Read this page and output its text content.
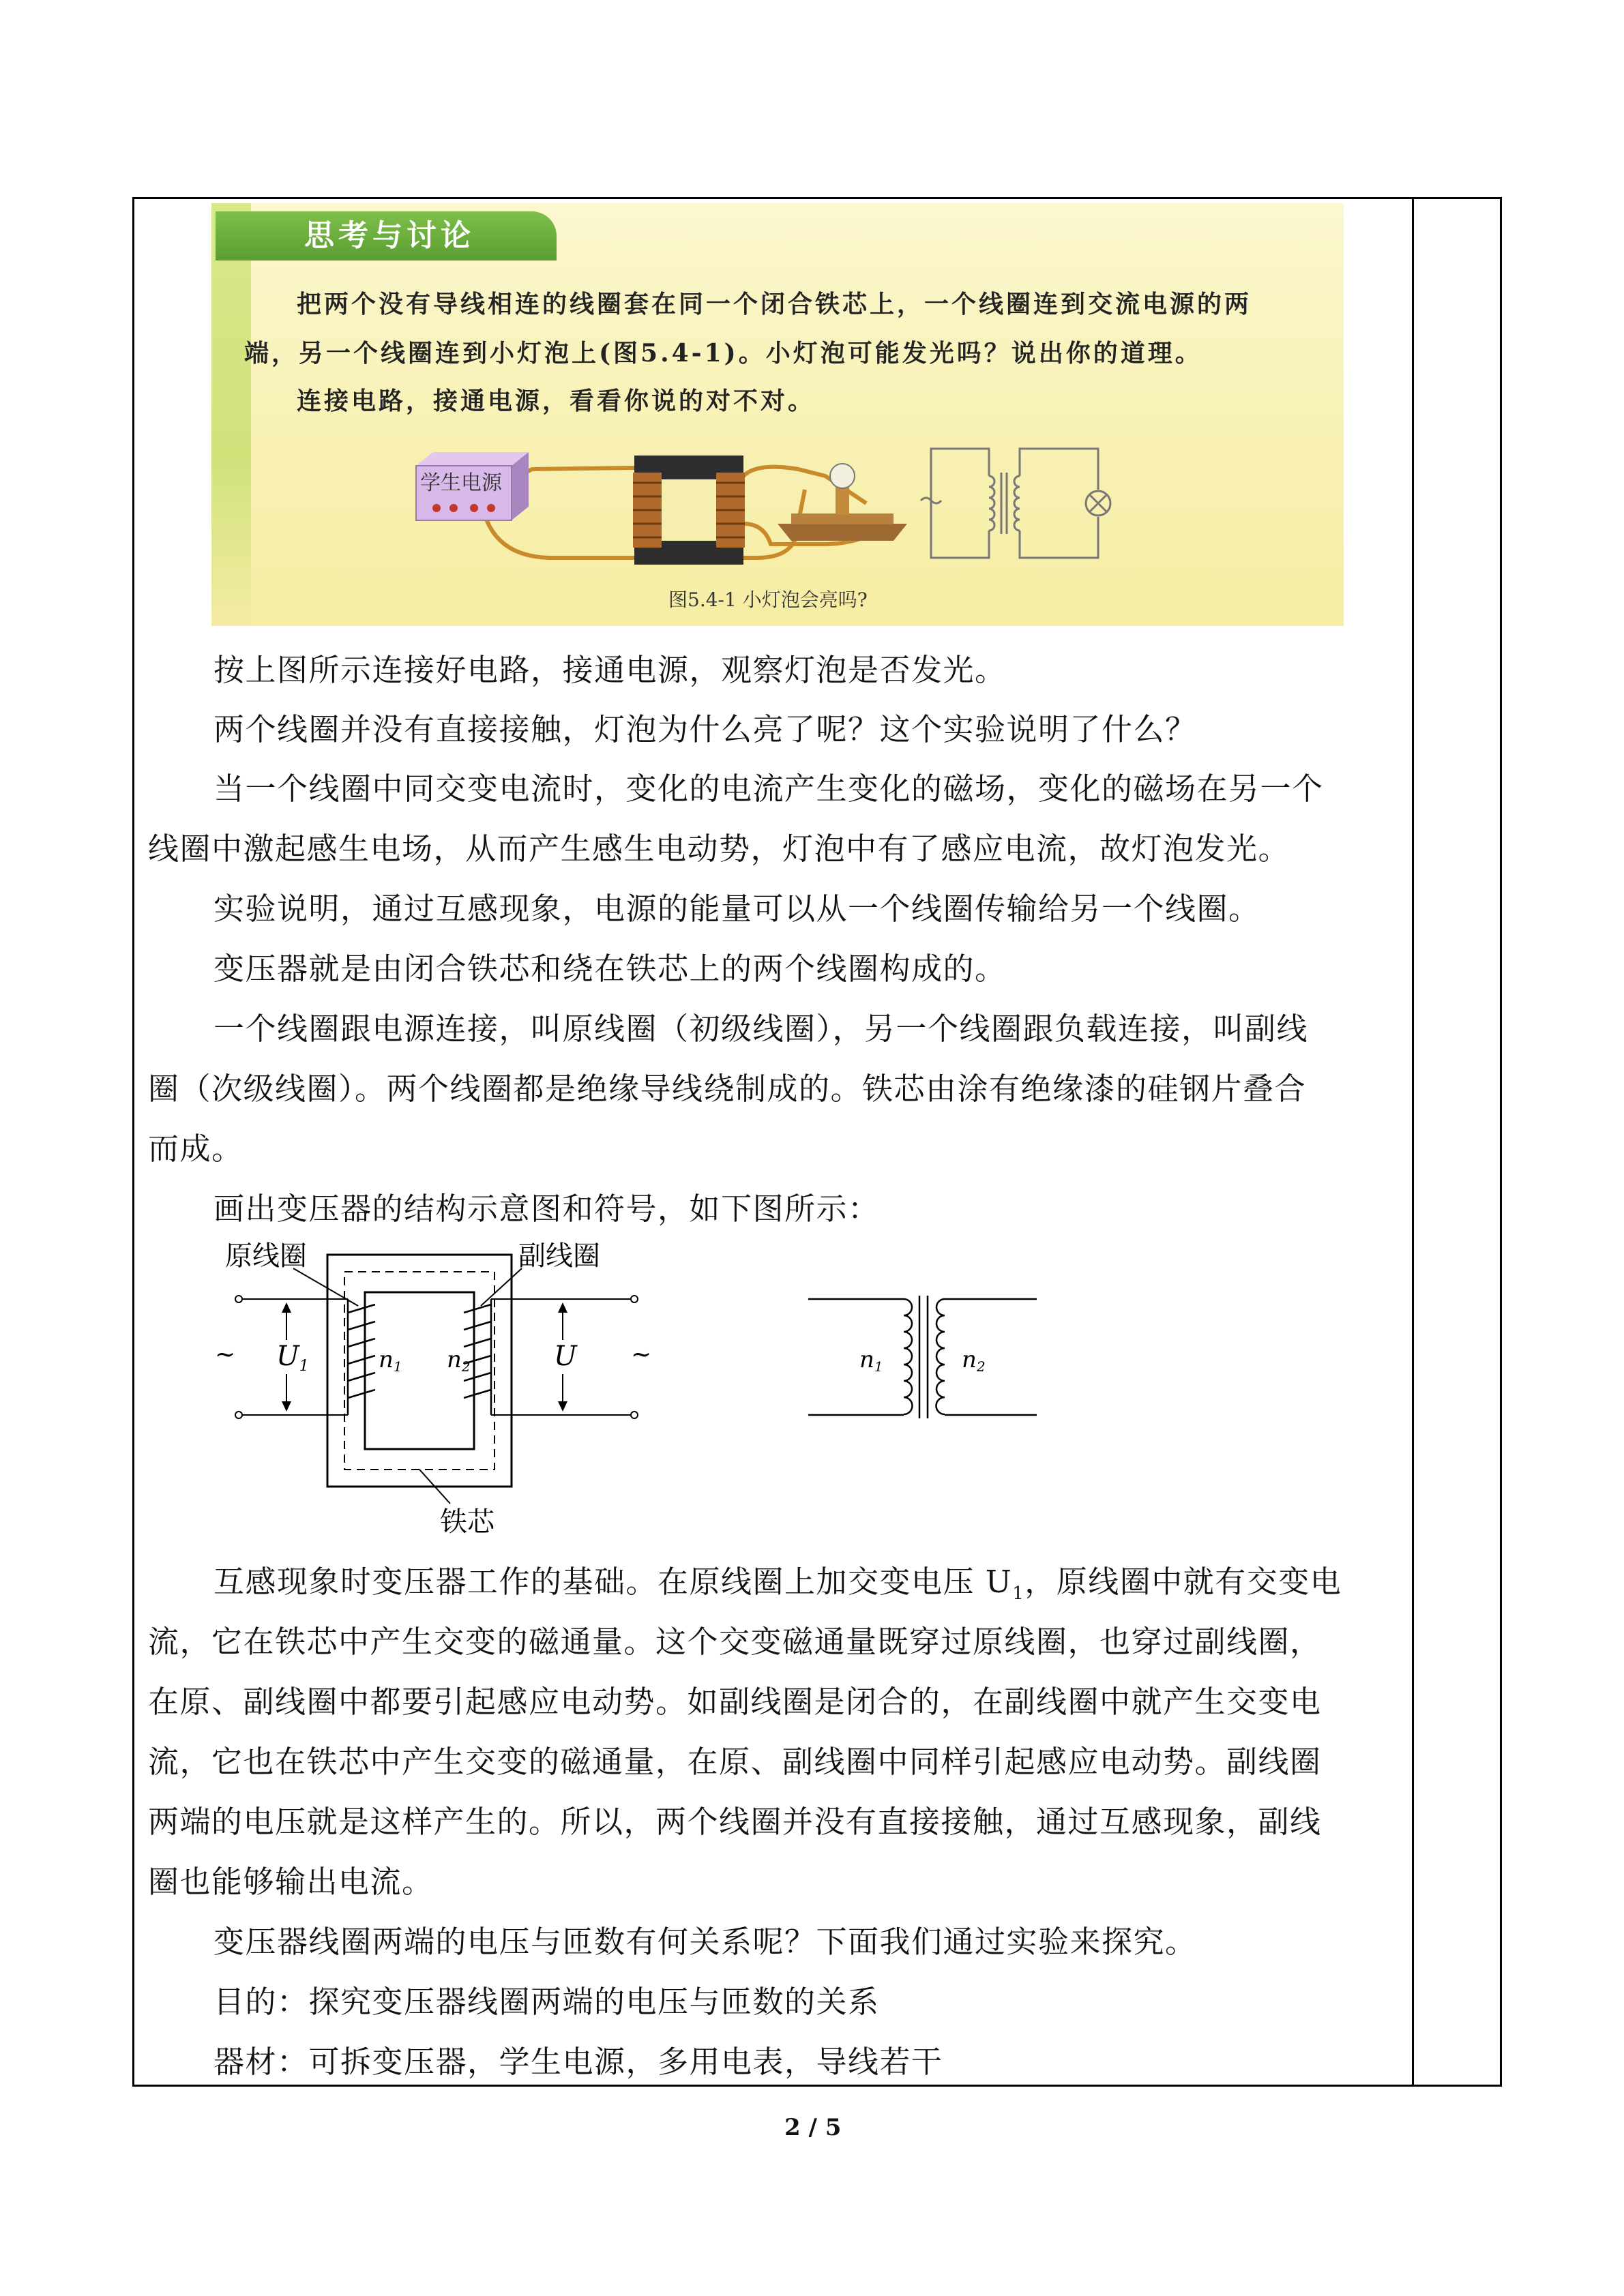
思考与讨论
把两个没有导线相连的线圈套在同一个闭合铁芯上，一个线圈连到交流电源的两
端，另一个线圈连到小灯泡上(图5.4-1)。小灯泡可能发光吗？说出你的道理。
连接电路，接通电源，看看你说的对不对。
学生电源
图5.4-1 小灯泡会亮吗?
按上图所示连接好电路，接通电源，观察灯泡是否发光。
两个线圈并没有直接接触，灯泡为什么亮了呢？这个实验说明了什么？
当一个线圈中同交变电流时，变化的电流产生变化的磁场，变化的磁场在另一个
线圈中激起感生电场，从而产生感生电动势，灯泡中有了感应电流，故灯泡发光。
实验说明，通过互感现象，电源的能量可以从一个线圈传输给另一个线圈。
变压器就是由闭合铁芯和绕在铁芯上的两个线圈构成的。
一个线圈跟电源连接，叫原线圈（初级线圈），另一个线圈跟负载连接，叫副线
圈（次级线圈）。两个线圈都是绝缘导线绕制成的。铁芯由涂有绝缘漆的硅钢片叠合
而成。
画出变压器的结构示意图和符号，如下图所示：
原线圈	副线圈
铁芯
~	~
$U_1$	U
n1 n2	n1	n2
互感现象时变压器工作的基础。在原线圈上加交变电压 $U_1$，原线圈中就有交变电
流，它在铁芯中产生交变的磁通量。这个交变磁通量既穿过原线圈，也穿过副线圈，
在原、副线圈中都要引起感应电动势。如副线圈是闭合的，在副线圈中就产生交变电
流，它也在铁芯中产生交变的磁通量，在原、副线圈中同样引起感应电动势。副线圈
两端的电压就是这样产生的。所以，两个线圈并没有直接接触，通过互感现象，副线
圈也能够输出电流。
变压器线圈两端的电压与匝数有何关系呢？下面我们通过实验来探究。
目的：探究变压器线圈两端的电压与匝数的关系
器材：可拆变压器，学生电源，多用电表，导线若干
2 / 5
